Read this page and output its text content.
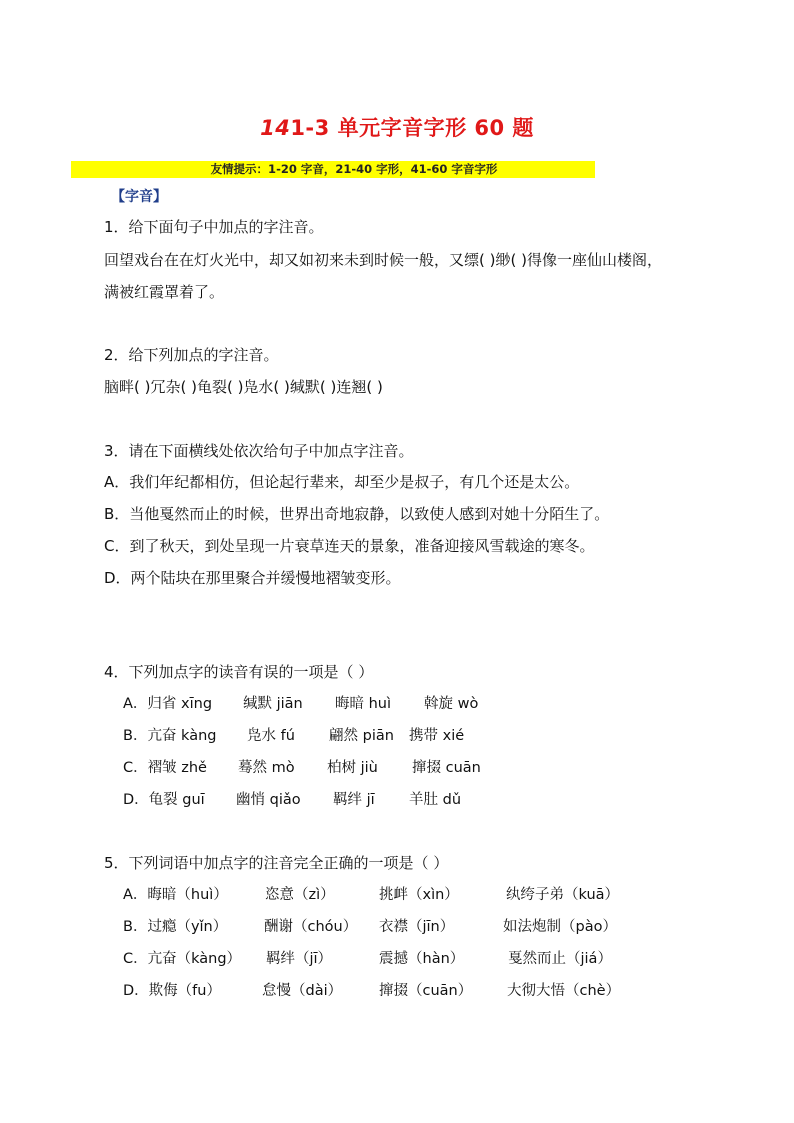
141-3 单元字音字形 60 题
友情提示：1-20 字音，21-40 字形，41-60 字音字形
【字音】
1．给下面句子中加点的字注音。
回望戏台在在灯火光中，却又如初来未到时候一般，又缥( )缈( )得像一座仙山楼阁，
满被红霞罩着了。
2．给下列加点的字注音。
脑畔( )冗杂( )龟裂( )凫水( )缄默( )连翘( )
3．请在下面横线处依次给句子中加点字注音。
A．我们年纪都相仿，但论起行辈来，却至少是叔子，有几个还是太公。
B．当他戛然而止的时候，世界出奇地寂静，以致使人感到对她十分陌生了。
C．到了秋天，到处呈现一片衰草连天的景象，准备迎接风雪载途的寒冬。
D．两个陆块在那里聚合并缓慢地褶皱变形。
4．下列加点字的读音有误的一项是（ ）
A．归省 xīng 缄默 jiān 晦暗 huì 斡旋 wò
B．亢奋 kàng 凫水 fú 翩然 piān 携带 xié
C．褶皱 zhě 蓦然 mò 柏树 jiù 撺掇 cuān
D．龟裂 guī 幽悄 qiǎo 羁绊 jī 羊肚 dǔ
5．下列词语中加点字的注音完全正确的一项是（ ）
A．晦暗（huì）	恣意（zì）	挑衅（xìn）	纨绔子弟（kuā）
B．过瘾（yǐn）	酬谢（chóu） 衣襟（jīn）	如法炮制（pào）
C．亢奋（kàng） 羁绊（jī）	震撼（hàn）	戛然而止（jiá）
D．欺侮（fu）	怠慢（dài）	撺掇（cuān） 大彻大悟（chè）
